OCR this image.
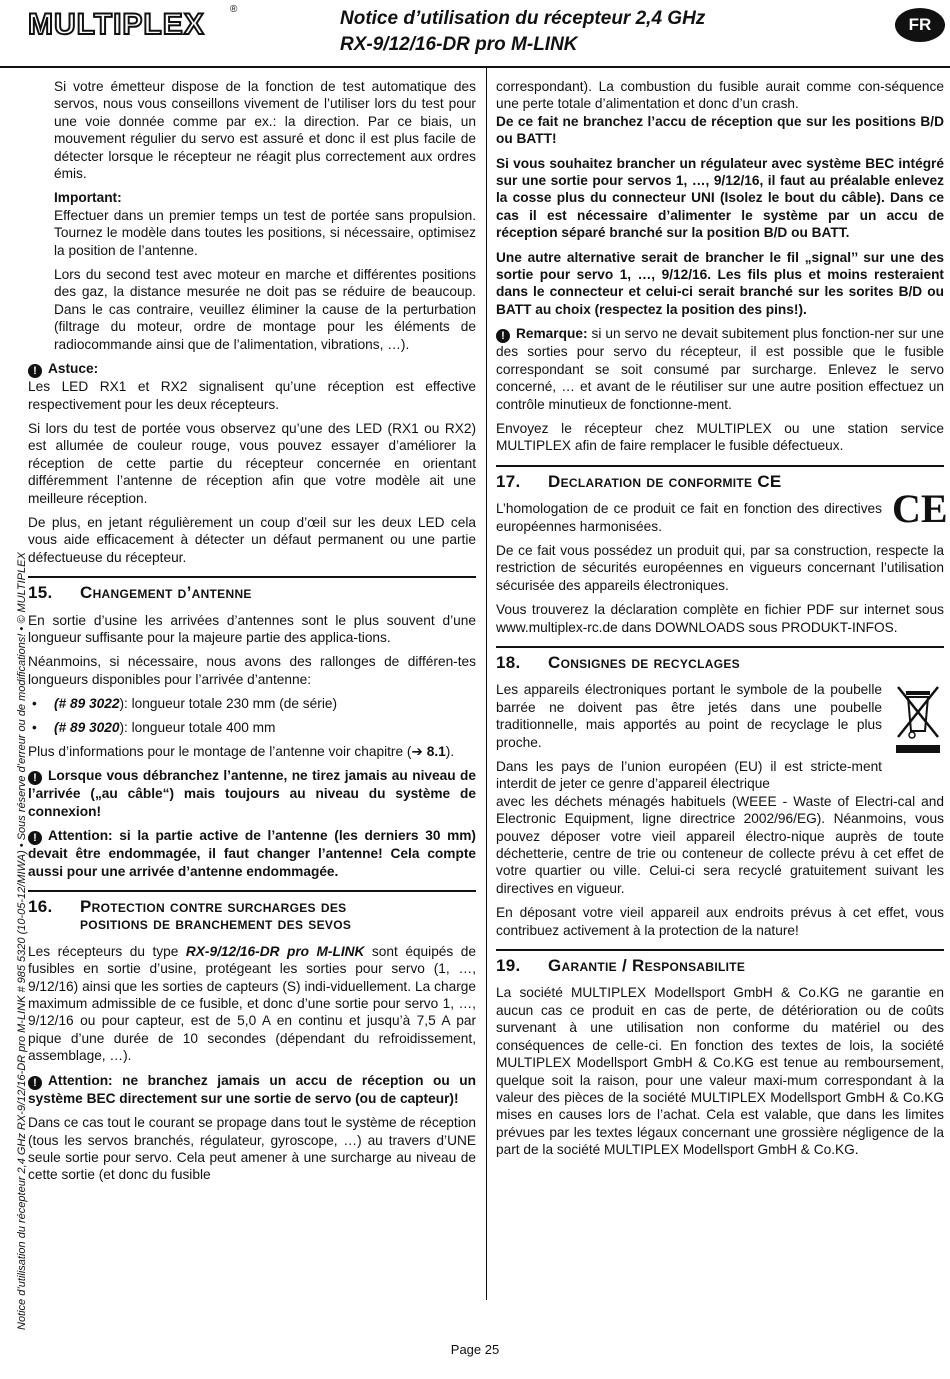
MULTIPLEX	®	Notice d’utilisation du récepteur 2,4 GHz
RX-9/12/16-DR pro M-LINK
FR
Notice d’utilisation du récepteur 2,4 GHz RX-9/12/16-DR pro M-LINK # 985 5320 (10-05-12/MIWA) • Sous réserve d’erreur ou de modifications! • © MULTIPLEX

Si votre émetteur dispose de la fonction de test automatique des servos, nous vous conseillons vivement de l’utiliser lors du test pour une voie donnée comme par ex.: la direction. Par ce biais, un mouvement régulier du servo est assuré et donc il est plus facile de détecter lorsque le récepteur ne réagit plus correctement aux ordres émis.

Important:

Effectuer dans un premier temps un test de portée sans propulsion. Tournez le modèle dans toutes les positions, si nécessaire, optimisez la position de l’antenne.

Lors du second test avec moteur en marche et différentes positions des gaz, la distance mesurée ne doit pas se réduire de beaucoup. Dans le cas contraire, veuillez éliminer la cause de la perturbation (filtrage du moteur, ordre de montage pour les éléments de radiocommande ainsi que de l’alimentation, vibrations, …).

! Astuce:

Les LED RX1 et RX2 signalisent qu’une réception est effective respectivement pour les deux récepteurs.

Si lors du test de portée vous observez qu’une des LED (RX1 ou RX2) est allumée de couleur rouge, vous pouvez essayer d’améliorer la réception de cette partie du récepteur concernée en orientant différemment l’antenne de réception afin que votre modèle ait une meilleure réception.

De plus, en jetant régulièrement un coup d’œil sur les deux LED cela vous aide efficacement à détecter un défaut permanent ou une partie défectueuse du récepteur.

15. Changement d’antenne

En sortie d’usine les arrivées d’antennes sont le plus souvent d’une longueur suffisante pour la majeure partie des applica-tions.

Néanmoins, si nécessaire, nous avons des rallonges de différen-tes longueurs disponibles pour l’arrivée d’antenne:

• (# 89 3022): longueur totale 230 mm (de série)
• (# 89 3020): longueur totale 400 mm

Plus d’informations pour le montage de l’antenne voir chapitre (➔ 8.1).

! Lorsque vous débranchez l’antenne, ne tirez jamais au niveau de l’arrivée („au câble“) mais toujours au niveau du système de connexion!

! Attention: si la partie active de l’antenne (les derniers 30 mm) devait être endommagée, il faut changer l’antenne! Cela compte aussi pour une arrivée d’antenne endommagée.

16. Protection contre surcharges des
positions de branchement des sevos

Les récepteurs du type RX-9/12/16-DR pro M-LINK sont équipés de fusibles en sortie d’usine, protégeant les sorties pour servo (1, …, 9/12/16) ainsi que les sorties de capteurs (S) indi-viduellement. La charge maximum admissible de ce fusible, et donc d’une sortie pour servo 1, …, 9/12/16 ou pour capteur, est de 5,0 A en continu et jusqu’à 7,5 A par pique d’une durée de 10 secondes (dépendant du refroidissement, assemblage, …).

! Attention: ne branchez jamais un accu de réception ou un système BEC directement sur une sortie de servo (ou de capteur)!

Dans ce cas tout le courant se propage dans tout le système de réception (tous les servos branchés, régulateur, gyroscope, …) au travers d’UNE seule sortie pour servo. Cela peut amener à une surcharge au niveau de cette sortie (et donc du fusible

correspondant). La combustion du fusible aurait comme con-séquence une perte totale d’alimentation et donc d’un crash.

De ce fait ne branchez l’accu de réception que sur les positions B/D ou BATT!

Si vous souhaitez brancher un régulateur avec système BEC intégré sur une sortie pour servos 1, …, 9/12/16, il faut au préalable enlevez la cosse plus du connecteur UNI (Isolez le bout du câble). Dans ce cas il est nécessaire d’alimenter le système par un accu de réception séparé branché sur la position B/D ou BATT.

Une autre alternative serait de brancher le fil „signal’’ sur une des sortie pour servo 1, …, 9/12/16. Les fils plus et moins resteraient dans le connecteur et celui-ci serait branché sur les sorites B/D ou BATT au choix (respectez la position des pins!).

! Remarque: si un servo ne devait subitement plus fonction-ner sur une des sorties pour servo du récepteur, il est possible que le fusible correspondant se soit consumé par surcharge. Enlevez le servo concerné, … et avant de le réutiliser sur une autre position effectuez un contrôle minutieux de fonctionne-ment.

Envoyez le récepteur chez MULTIPLEX ou une station service MULTIPLEX afin de faire remplacer le fusible défectueux.

17. Declaration de conformite CE

L’homologation de ce produit ce fait en fonction des directives européennes harmonisées.	CE

De ce fait vous possédez un produit qui, par sa construction, respecte la restriction de sécurités européennes en vigueurs concernant l’utilisation sécurisée des appareils électroniques.

Vous trouverez la déclaration complète en fichier PDF sur internet sous www.multiplex-rc.de dans DOWNLOADS sous PRODUKT-INFOS.

18. Consignes de recyclages

Les appareils électroniques portant le symbole de la poubelle barrée ne doivent pas être jetés dans une poubelle traditionnelle, mais apportés au point de recyclage le plus proche.

Dans les pays de l’union européen (EU) il est stricte-ment interdit de jeter ce genre d’appareil électrique

avec les déchets ménagés habituels (WEEE - Waste of Electri-cal and Electronic Equipment, ligne directrice 2002/96/EG). Néanmoins, vous pouvez déposer votre vieil appareil électro-nique auprès de toute déchetterie, centre de trie ou conteneur de collecte prévu à cet effet de votre quartier ou ville. Celui-ci sera recyclé gratuitement suivant les directives en vigueur.

En déposant votre vieil appareil aux endroits prévus à cet effet, vous contribuez activement à la protection de la nature!

19. Garantie / Responsabilite

La société MULTIPLEX Modellsport GmbH & Co.KG ne garantie en aucun cas ce produit en cas de perte, de détérioration ou de coûts survenant à une utilisation non conforme du matériel ou des conséquences de celle-ci. En fonction des textes de lois, la société MULTIPLEX Modellsport GmbH & Co.KG est tenue au remboursement, quelque soit la raison, pour une valeur maxi-mum correspondant à la valeur des pièces de la société MULTIPLEX Modellsport GmbH & Co.KG mises en causes lors de l’achat. Cela est valable, que dans les limites prévues par les textes légaux concernant une grossière négligence de la part de la société MULTIPLEX Modellsport GmbH & Co.KG.

Page 25
